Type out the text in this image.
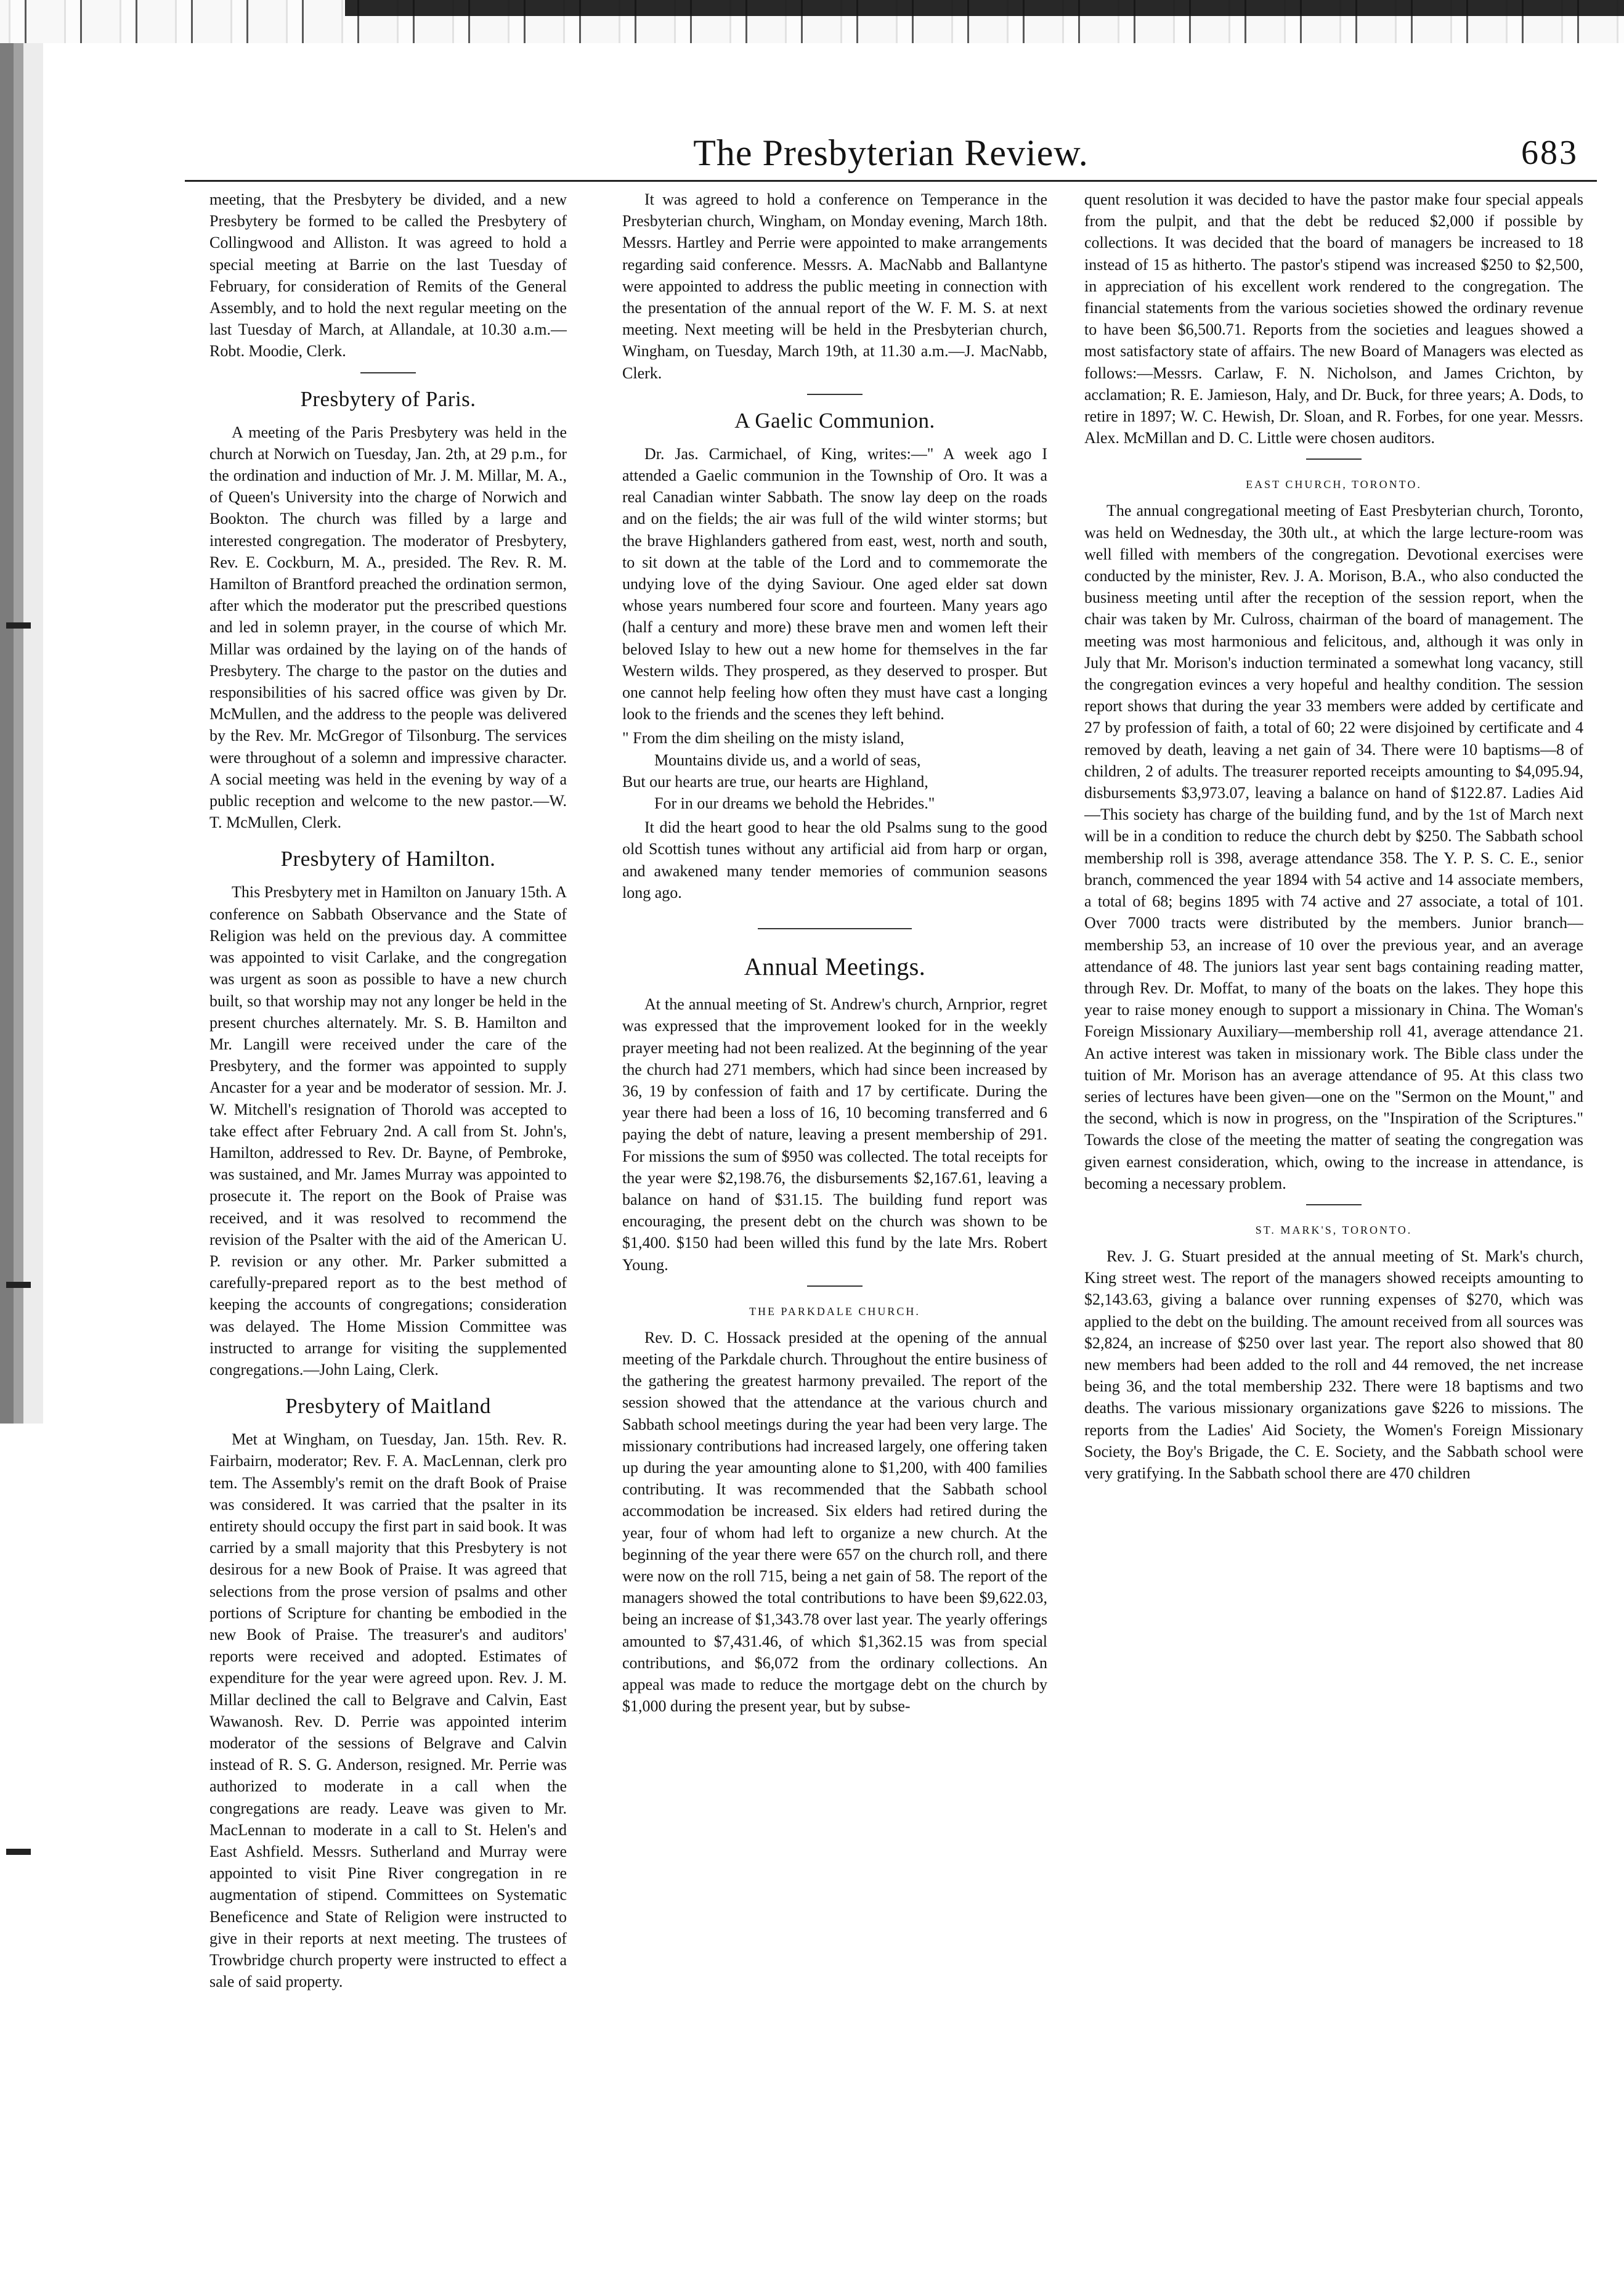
The Presbyterian Review.	683

meeting, that the Presbytery be divided, and a new Presbytery be formed to be called the Presbytery of Collingwood and Alliston. It was agreed to hold a special meeting at Barrie on the last Tuesday of February, for consideration of Remits of the General Assembly, and to hold the next regular meeting on the last Tuesday of March, at Allandale, at 10.30 a.m.—Robt. Moodie, Clerk.

Presbytery of Paris.

A meeting of the Paris Presbytery was held in the church at Norwich on Tuesday, Jan. 2th, at 29 p.m., for the ordination and induction of Mr. J. M. Millar, M. A., of Queen's University into the charge of Norwich and Bookton. The church was filled by a large and interested congregation. The moderator of Presbytery, Rev. E. Cockburn, M. A., presided. The Rev. R. M. Hamilton of Brantford preached the ordination sermon, after which the moderator put the prescribed questions and led in solemn prayer, in the course of which Mr. Millar was ordained by the laying on of the hands of Presbytery. The charge to the pastor on the duties and responsibilities of his sacred office was given by Dr. McMullen, and the address to the people was delivered by the Rev. Mr. McGregor of Tilsonburg. The services were throughout of a solemn and impressive character. A social meeting was held in the evening by way of a public reception and welcome to the new pastor.—W. T. McMullen, Clerk.

Presbytery of Hamilton.

This Presbytery met in Hamilton on January 15th. A conference on Sabbath Observance and the State of Religion was held on the previous day. A committee was appointed to visit Carlake, and the congregation was urgent as soon as possible to have a new church built, so that worship may not any longer be held in the present churches alternately. Mr. S. B. Hamilton and Mr. Langill were received under the care of the Presbytery, and the former was appointed to supply Ancaster for a year and be moderator of session. Mr. J. W. Mitchell's resignation of Thorold was accepted to take effect after February 2nd. A call from St. John's, Hamilton, addressed to Rev. Dr. Bayne, of Pembroke, was sustained, and Mr. James Murray was appointed to prosecute it. The report on the Book of Praise was received, and it was resolved to recommend the revision of the Psalter with the aid of the American U. P. revision or any other. Mr. Parker submitted a carefully-prepared report as to the best method of keeping the accounts of congregations; consideration was delayed. The Home Mission Committee was instructed to arrange for visiting the supplemented congregations.—John Laing, Clerk.

Presbytery of Maitland

Met at Wingham, on Tuesday, Jan. 15th. Rev. R. Fairbairn, moderator; Rev. F. A. MacLennan, clerk pro tem. The Assembly's remit on the draft Book of Praise was considered. It was carried that the psalter in its entirety should occupy the first part in said book. It was carried by a small majority that this Presbytery is not desirous for a new Book of Praise. It was agreed that selections from the prose version of psalms and other portions of Scripture for chanting be embodied in the new Book of Praise. The treasurer's and auditors' reports were received and adopted. Estimates of expenditure for the year were agreed upon. Rev. J. M. Millar declined the call to Belgrave and Calvin, East Wawanosh. Rev. D. Perrie was appointed interim moderator of the sessions of Belgrave and Calvin instead of R. S. G. Anderson, resigned. Mr. Perrie was authorized to moderate in a call when the congregations are ready. Leave was given to Mr. MacLennan to moderate in a call to St. Helen's and East Ashfield. Messrs. Sutherland and Murray were appointed to visit Pine River congregation in re augmentation of stipend. Committees on Systematic Beneficence and State of Religion were instructed to give in their reports at next meeting. The trustees of Trowbridge church property were instructed to effect a sale of said property.

It was agreed to hold a conference on Temperance in the Presbyterian church, Wingham, on Monday evening, March 18th. Messrs. Hartley and Perrie were appointed to make arrangements regarding said conference. Messrs. A. MacNabb and Ballantyne were appointed to address the public meeting in connection with the presentation of the annual report of the W. F. M. S. at next meeting. Next meeting will be held in the Presbyterian church, Wingham, on Tuesday, March 19th, at 11.30 a.m.—J. MacNabb, Clerk.

A Gaelic Communion.

Dr. Jas. Carmichael, of King, writes:—" A week ago I attended a Gaelic communion in the Township of Oro. It was a real Canadian winter Sabbath. The snow lay deep on the roads and on the fields; the air was full of the wild winter storms; but the brave Highlanders gathered from east, west, north and south, to sit down at the table of the Lord and to commemorate the undying love of the dying Saviour. One aged elder sat down whose years numbered four score and fourteen. Many years ago (half a century and more) these brave men and women left their beloved Islay to hew out a new home for themselves in the far Western wilds. They prospered, as they deserved to prosper. But one cannot help feeling how often they must have cast a longing look to the friends and the scenes they left behind.

" From the dim sheiling on the misty island,
Mountains divide us, and a world of seas,
But our hearts are true, our hearts are Highland,
For in our dreams we behold the Hebrides."

It did the heart good to hear the old Psalms sung to the good old Scottish tunes without any artificial aid from harp or organ, and awakened many tender memories of communion seasons long ago.

Annual Meetings.

At the annual meeting of St. Andrew's church, Arnprior, regret was expressed that the improvement looked for in the weekly prayer meeting had not been realized. At the beginning of the year the church had 271 members, which had since been increased by 36, 19 by confession of faith and 17 by certificate. During the year there had been a loss of 16, 10 becoming transferred and 6 paying the debt of nature, leaving a present membership of 291. For missions the sum of $950 was collected. The total receipts for the year were $2,198.76, the disbursements $2,167.61, leaving a balance on hand of $31.15. The building fund report was encouraging, the present debt on the church was shown to be $1,400. $150 had been willed this fund by the late Mrs. Robert Young.

THE PARKDALE CHURCH.

Rev. D. C. Hossack presided at the opening of the annual meeting of the Parkdale church. Throughout the entire business of the gathering the greatest harmony prevailed. The report of the session showed that the attendance at the various church and Sabbath school meetings during the year had been very large. The missionary contributions had increased largely, one offering taken up during the year amounting alone to $1,200, with 400 families contributing. It was recommended that the Sabbath school accommodation be increased. Six elders had retired during the year, four of whom had left to organize a new church. At the beginning of the year there were 657 on the church roll, and there were now on the roll 715, being a net gain of 58. The report of the managers showed the total contributions to have been $9,622.03, being an increase of $1,343.78 over last year. The yearly offerings amounted to $7,431.46, of which $1,362.15 was from special contributions, and $6,072 from the ordinary collections. An appeal was made to reduce the mortgage debt on the church by $1,000 during the present year, but by subse-

quent resolution it was decided to have the pastor make four special appeals from the pulpit, and that the debt be reduced $2,000 if possible by collections. It was decided that the board of managers be increased to 18 instead of 15 as hitherto. The pastor's stipend was increased $250 to $2,500, in appreciation of his excellent work rendered to the congregation. The financial statements from the various societies showed the ordinary revenue to have been $6,500.71. Reports from the societies and leagues showed a most satisfactory state of affairs. The new Board of Managers was elected as follows:—Messrs. Carlaw, F. N. Nicholson, and James Crichton, by acclamation; R. E. Jamieson, Haly, and Dr. Buck, for three years; A. Dods, to retire in 1897; W. C. Hewish, Dr. Sloan, and R. Forbes, for one year. Messrs. Alex. McMillan and D. C. Little were chosen auditors.

EAST CHURCH, TORONTO.

The annual congregational meeting of East Presbyterian church, Toronto, was held on Wednesday, the 30th ult., at which the large lecture-room was well filled with members of the congregation. Devotional exercises were conducted by the minister, Rev. J. A. Morison, B.A., who also conducted the business meeting until after the reception of the session report, when the chair was taken by Mr. Culross, chairman of the board of management. The meeting was most harmonious and felicitous, and, although it was only in July that Mr. Morison's induction terminated a somewhat long vacancy, still the congregation evinces a very hopeful and healthy condition. The session report shows that during the year 33 members were added by certificate and 27 by profession of faith, a total of 60; 22 were disjoined by certificate and 4 removed by death, leaving a net gain of 34. There were 10 baptisms—8 of children, 2 of adults. The treasurer reported receipts amounting to $4,095.94, disbursements $3,973.07, leaving a balance on hand of $122.87. Ladies Aid—This society has charge of the building fund, and by the 1st of March next will be in a condition to reduce the church debt by $250. The Sabbath school membership roll is 398, average attendance 358. The Y. P. S. C. E., senior branch, commenced the year 1894 with 54 active and 14 associate members, a total of 68; begins 1895 with 74 active and 27 associate, a total of 101. Over 7000 tracts were distributed by the members. Junior branch—membership 53, an increase of 10 over the previous year, and an average attendance of 48. The juniors last year sent bags containing reading matter, through Rev. Dr. Moffat, to many of the boats on the lakes. They hope this year to raise money enough to support a missionary in China. The Woman's Foreign Missionary Auxiliary—membership roll 41, average attendance 21. An active interest was taken in missionary work. The Bible class under the tuition of Mr. Morison has an average attendance of 95. At this class two series of lectures have been given—one on the "Sermon on the Mount," and the second, which is now in progress, on the "Inspiration of the Scriptures." Towards the close of the meeting the matter of seating the congregation was given earnest consideration, which, owing to the increase in attendance, is becoming a necessary problem.

ST. MARK'S, TORONTO.

Rev. J. G. Stuart presided at the annual meeting of St. Mark's church, King street west. The report of the managers showed receipts amounting to $2,143.63, giving a balance over running expenses of $270, which was applied to the debt on the building. The amount received from all sources was $2,824, an increase of $250 over last year. The report also showed that 80 new members had been added to the roll and 44 removed, the net increase being 36, and the total membership 232. There were 18 baptisms and two deaths. The various missionary organizations gave $226 to missions. The reports from the Ladies' Aid Society, the Women's Foreign Missionary Society, the Boy's Brigade, the C. E. Society, and the Sabbath school were very gratifying. In the Sabbath school there are 470 children
